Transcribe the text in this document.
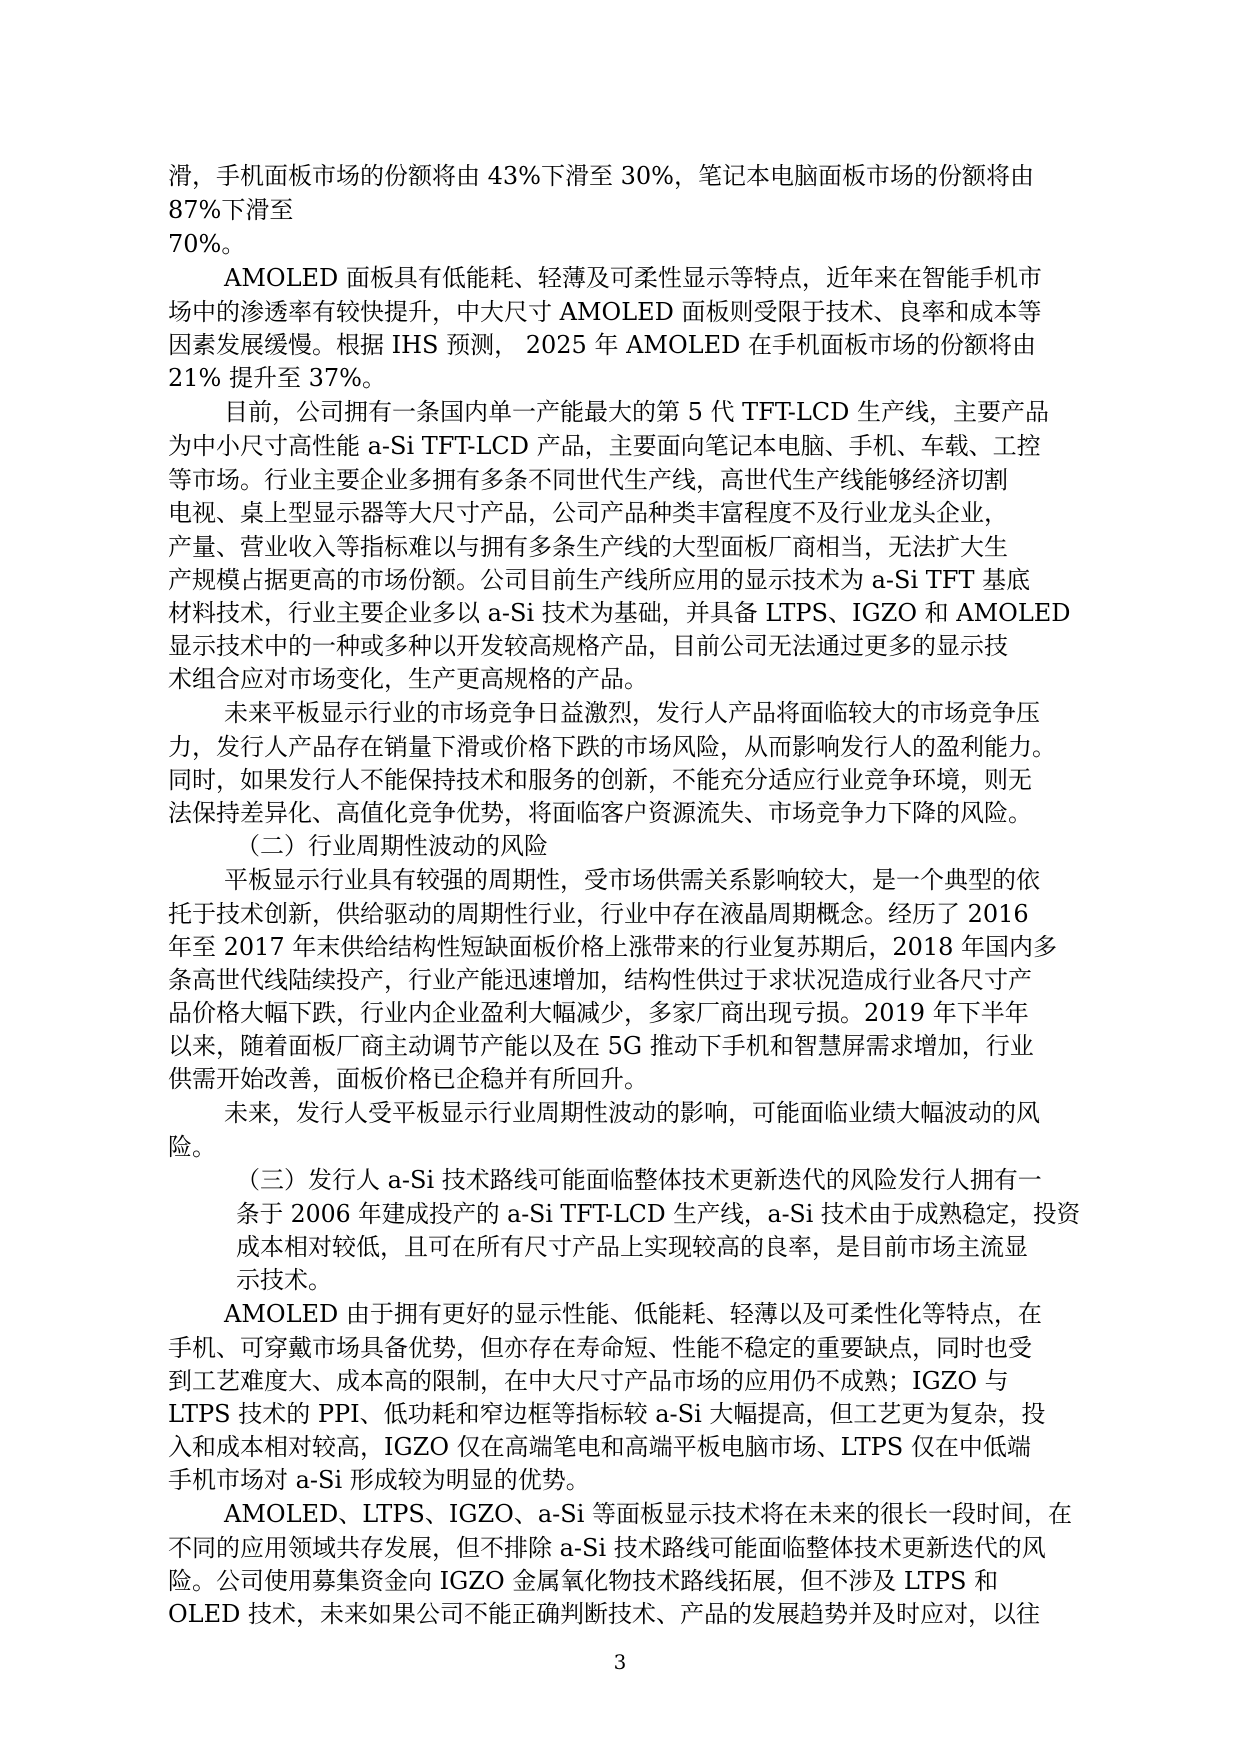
滑，手机面板市场的份额将由 43%下滑至 30%，笔记本电脑面板市场的份额将由

87%下滑至

70%。

AMOLED 面板具有低能耗、轻薄及可柔性显示等特点，近年来在智能手机市

场中的渗透率有较快提升，中大尺寸 AMOLED 面板则受限于技术、良率和成本等

因素发展缓慢。根据 IHS 预测， 2025 年 AMOLED 在手机面板市场的份额将由

21% 提升至 37%。

目前，公司拥有一条国内单一产能最大的第 5 代 TFT-LCD 生产线，主要产品

为中小尺寸高性能 a-Si TFT-LCD 产品，主要面向笔记本电脑、手机、车载、工控

等市场。行业主要企业多拥有多条不同世代生产线，高世代生产线能够经济切割

电视、桌上型显示器等大尺寸产品，公司产品种类丰富程度不及行业龙头企业，

产量、营业收入等指标难以与拥有多条生产线的大型面板厂商相当，无法扩大生

产规模占据更高的市场份额。公司目前生产线所应用的显示技术为 a-Si TFT 基底

材料技术，行业主要企业多以 a-Si 技术为基础，并具备 LTPS、IGZO 和 AMOLED

显示技术中的一种或多种以开发较高规格产品，目前公司无法通过更多的显示技

术组合应对市场变化，生产更高规格的产品。

未来平板显示行业的市场竞争日益激烈，发行人产品将面临较大的市场竞争压

力，发行人产品存在销量下滑或价格下跌的市场风险，从而影响发行人的盈利能力。

同时，如果发行人不能保持技术和服务的创新，不能充分适应行业竞争环境，则无

法保持差异化、高值化竞争优势，将面临客户资源流失、市场竞争力下降的风险。

（二）行业周期性波动的风险

平板显示行业具有较强的周期性，受市场供需关系影响较大，是一个典型的依

托于技术创新，供给驱动的周期性行业，行业中存在液晶周期概念。经历了 2016

年至 2017 年末供给结构性短缺面板价格上涨带来的行业复苏期后，2018 年国内多

条高世代线陆续投产，行业产能迅速增加，结构性供过于求状况造成行业各尺寸产

品价格大幅下跌，行业内企业盈利大幅减少，多家厂商出现亏损。2019 年下半年

以来，随着面板厂商主动调节产能以及在 5G 推动下手机和智慧屏需求增加，行业

供需开始改善，面板价格已企稳并有所回升。

未来，发行人受平板显示行业周期性波动的影响，可能面临业绩大幅波动的风

险。

（三）发行人 a-Si 技术路线可能面临整体技术更新迭代的风险发行人拥有一

条于 2006 年建成投产的 a-Si TFT-LCD 生产线，a-Si 技术由于成熟稳定，投资

成本相对较低，且可在所有尺寸产品上实现较高的良率，是目前市场主流显

示技术。

AMOLED 由于拥有更好的显示性能、低能耗、轻薄以及可柔性化等特点，在

手机、可穿戴市场具备优势，但亦存在寿命短、性能不稳定的重要缺点，同时也受

到工艺难度大、成本高的限制，在中大尺寸产品市场的应用仍不成熟；IGZO 与

LTPS 技术的 PPI、低功耗和窄边框等指标较 a-Si 大幅提高，但工艺更为复杂，投

入和成本相对较高，IGZO 仅在高端笔电和高端平板电脑市场、LTPS 仅在中低端

手机市场对 a-Si 形成较为明显的优势。

AMOLED、LTPS、IGZO、a-Si 等面板显示技术将在未来的很长一段时间，在

不同的应用领域共存发展，但不排除 a-Si 技术路线可能面临整体技术更新迭代的风

险。公司使用募集资金向 IGZO 金属氧化物技术路线拓展，但不涉及 LTPS 和

OLED 技术，未来如果公司不能正确判断技术、产品的发展趋势并及时应对，以往

3
